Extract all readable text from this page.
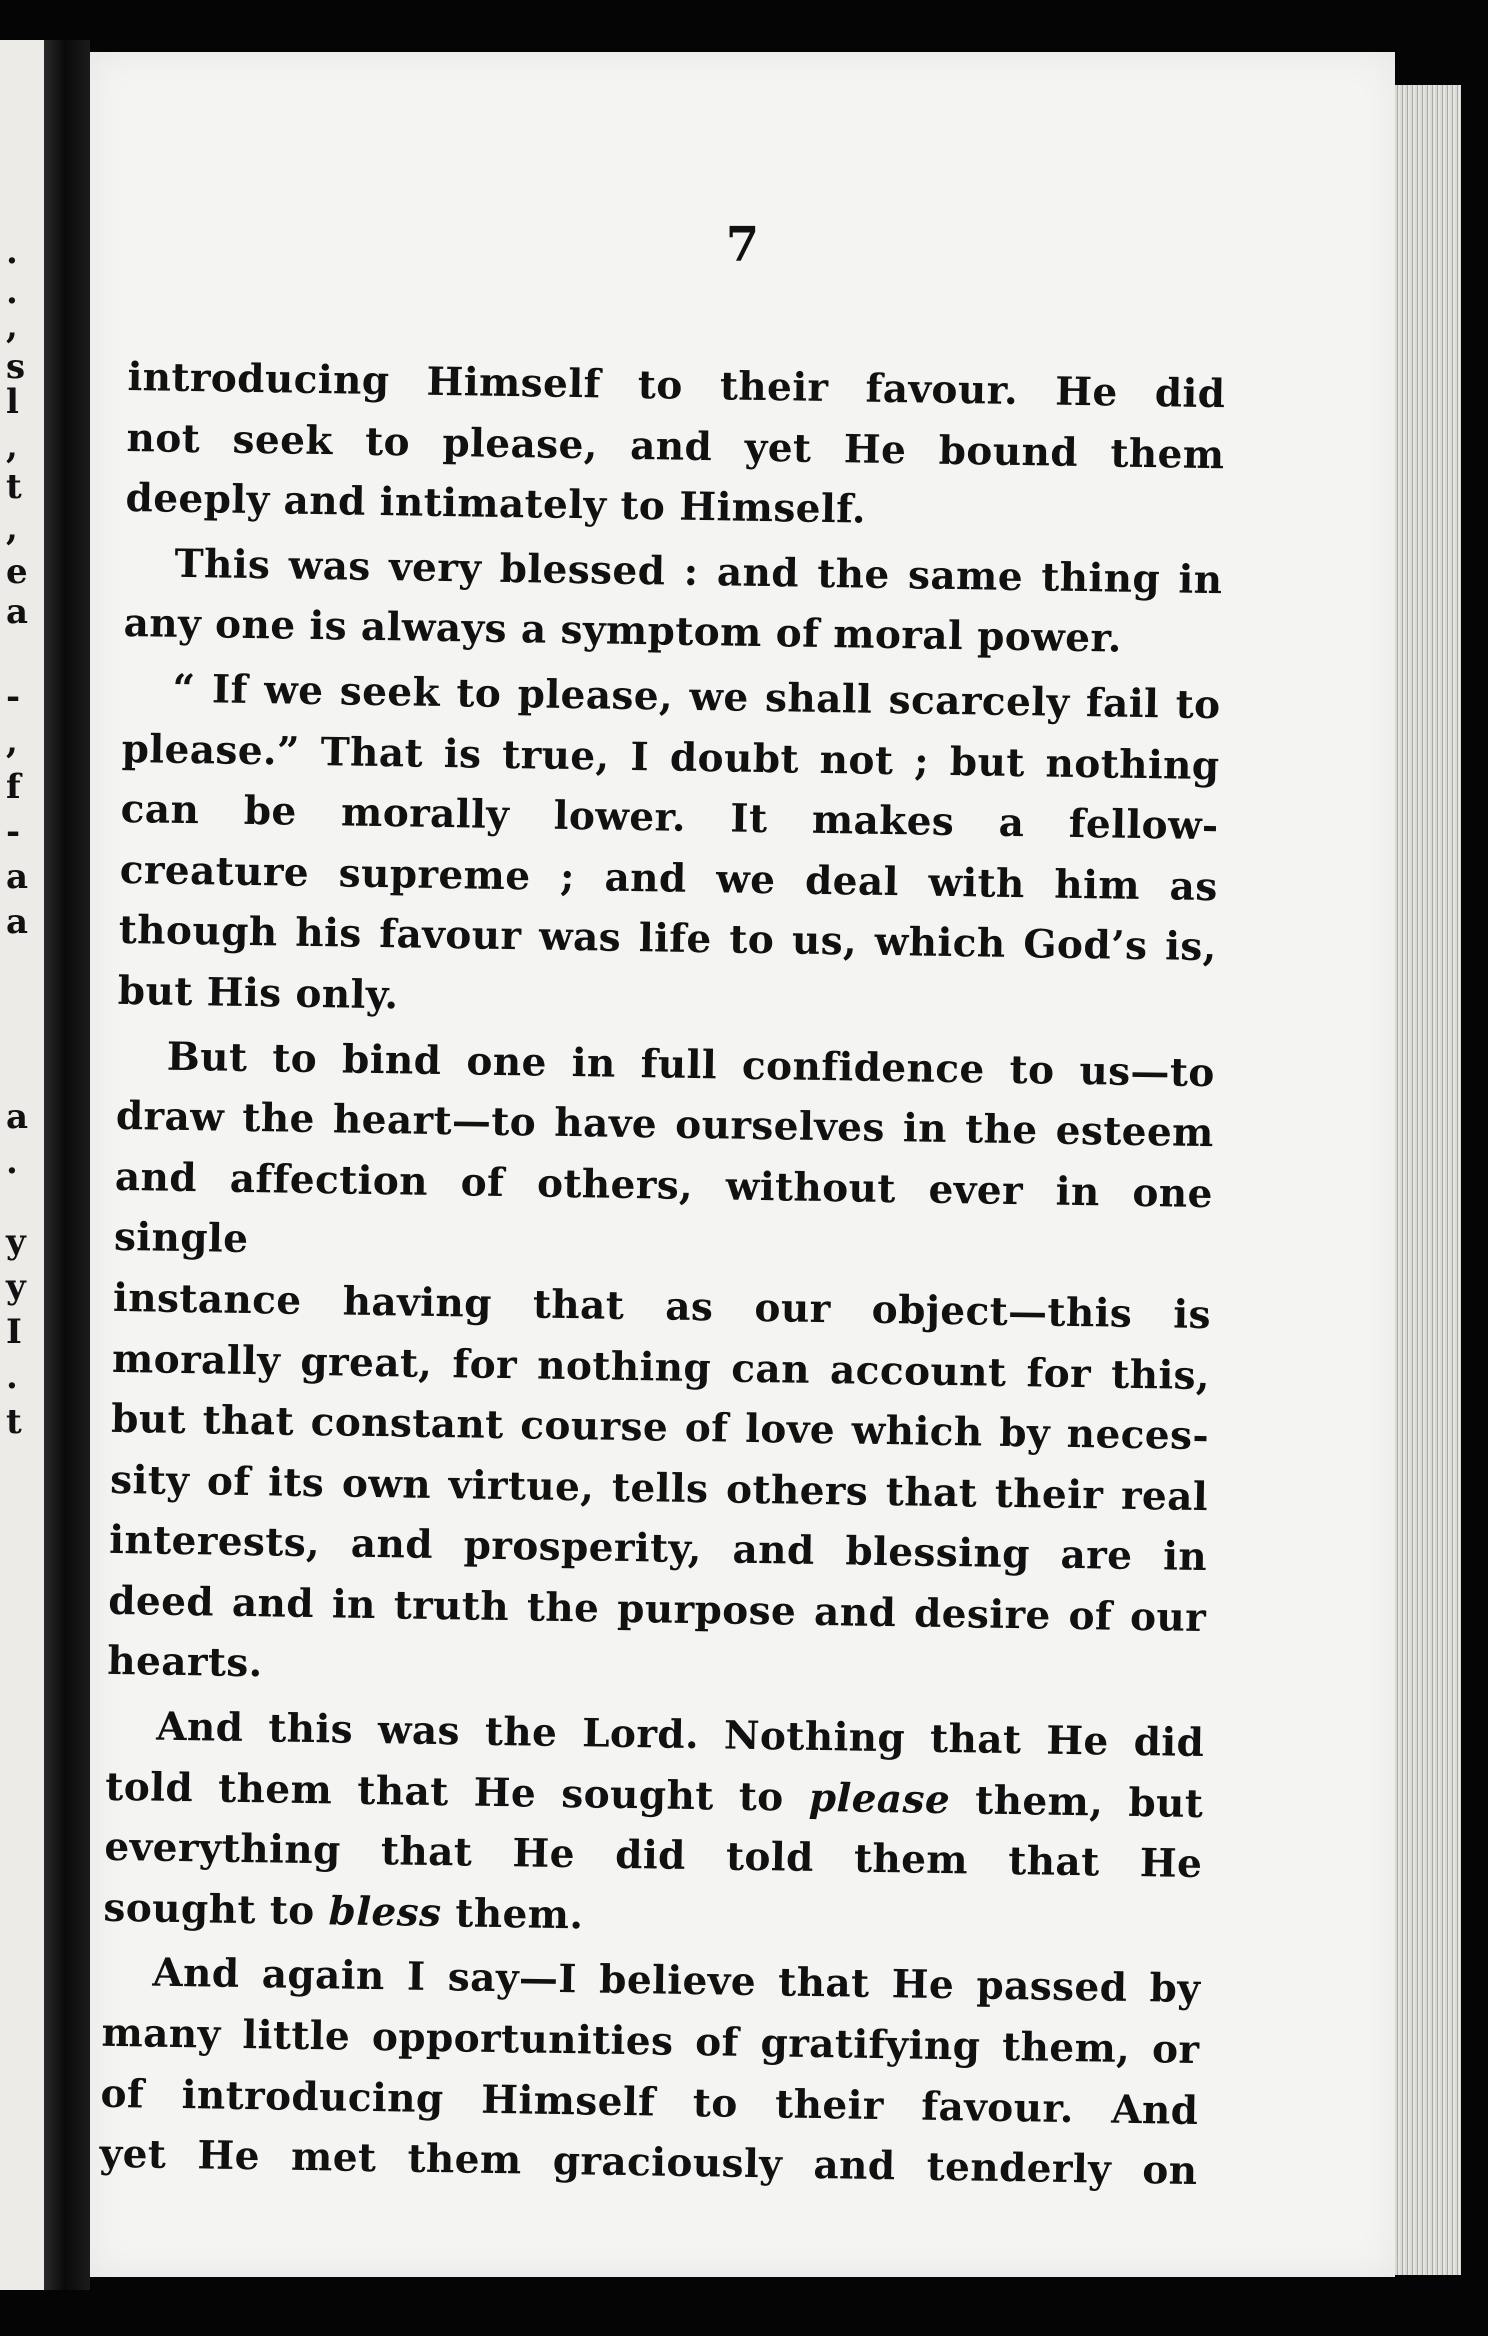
.
.
,
s
l
,
t
,
e
a
-
,
f
-
a
a
a
.
y
y
I
.
t
7

introducing Himself to their favour. He did
not seek to please, and yet He bound them
deeply and intimately to Himself.

This was very blessed : and the same thing in
any one is always a symptom of moral power.

“ If we seek to please, we shall scarcely fail to
please.” That is true, I doubt not ; but nothing
can be morally lower. It makes a fellow-
creature supreme ; and we deal with him as
though his favour was life to us, which God’s is,
but His only.

But to bind one in full confidence to us—to
draw the heart—to have ourselves in the esteem
and affection of others, without ever in one single
instance having that as our object—this is
morally great, for nothing can account for this,
but that constant course of love which by neces-
sity of its own virtue, tells others that their real
interests, and prosperity, and blessing are in
deed and in truth the purpose and desire of our
hearts.

And this was the Lord. Nothing that He did
told them that He sought to please them, but
everything that He did told them that He
sought to bless them.

And again I say—I believe that He passed by
many little opportunities of gratifying them, or
of introducing Himself to their favour. And
yet He met them graciously and tenderly on
